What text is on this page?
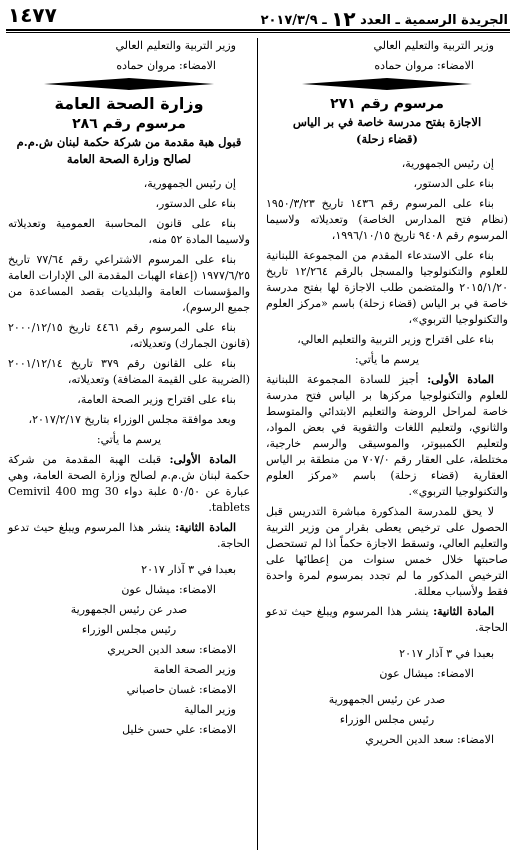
١٤٧٧	الجريدة الرسمية ـ العدد ١٢ ـ ٢٠١٧/٣/٩

وزير التربية والتعليم العالي

الامضاء: مروان حماده

مرسوم رقم ٢٧١

الاجازة بفتح مدرسة خاصة في بر الياس
(قضاء زحلة)

إن رئيس الجمهورية،

بناء على الدستور،

بناء على المرسوم رقم ١٤٣٦ تاريخ ١٩٥٠/٣/٢٣ (نظام فتح المدارس الخاصة) وتعديلاته ولاسيما المرسوم رقم ٩٤٠٨ تاريخ ١٩٩٦/١٠/١٥،

بناء على الاستدعاء المقدم من المجموعة اللبنانية للعلوم والتكنولوجيا والمسجل بالرقم ١٢/٢٦٤ تاريخ ٢٠١٥/١/٢٠ والمتضمن طلب الاجازة لها بفتح مدرسة خاصة في بر الياس (قضاء زحلة) باسم «مركز العلوم والتكنولوجيا التربوي»،

بناء على اقتراح وزير التربية والتعليم العالي،

يرسم ما يأتي:

المادة الأولى: أجيز للسادة المجموعة اللبنانية للعلوم والتكنولوجيا مركزها بر الياس فتح مدرسة خاصة لمراحل الروضة والتعليم الابتدائي والمتوسط والثانوي، ولتعليم اللغات والتقوية في بعض المواد، ولتعليم الكمبيوتر، والموسيقى والرسم خارجية، مختلطة، على العقار رقم ٧٠٧/٠ من منطقة بر الياس العقارية (قضاء زحلة) باسم «مركز العلوم والتكنولوجيا التربوي».

لا يحق للمدرسة المذكورة مباشرة التدريس قبل الحصول على ترخيص يعطى بقرار من وزير التربية والتعليم العالي، وتسقط الاجازة حكماً اذا لم تستحصل صاحبتها خلال خمس سنوات من إعطائها على الترخيص المذكور ما لم تجدد بمرسوم لمرة واحدة فقط ولأسباب معللة.

المادة الثانية: ينشر هذا المرسوم ويبلغ حيث تدعو الحاجة.

بعبدا في ٣ آذار ٢٠١٧

الامضاء: ميشال عون

صدر عن رئيس الجمهورية

رئيس مجلس الوزراء

الامضاء: سعد الدين الحريري

وزير التربية والتعليم العالي

الامضاء: مروان حماده

وزارة الصحة العامة

مرسوم رقم ٢٨٦

قبول هبة مقدمة من شركة حكمة لبنان ش.م.م
لصالح وزارة الصحة العامة

إن رئيس الجمهورية،

بناء على الدستور،

بناء على قانون المحاسبة العمومية وتعديلاته ولاسيما المادة ٥٢ منه،

بناء على المرسوم الاشتراعي رقم ٧٧/٦٤ تاريخ ١٩٧٧/٦/٢٥ (إعفاء الهبات المقدمة الى الإدارات العامة والمؤسسات العامة والبلديات بقصد المساعدة من جميع الرسوم)،

بناء على المرسوم رقم ٤٤٦١ تاريخ ٢٠٠٠/١٢/١٥ (قانون الجمارك) وتعديلاته،

بناء على القانون رقم ٣٧٩ تاريخ ٢٠٠١/١٢/١٤ (الضريبة على القيمة المضافة) وتعديلاته،

بناء على اقتراح وزير الصحة العامة،

وبعد موافقة مجلس الوزراء بتاريخ ٢٠١٧/٢/١٧،

يرسم ما يأتي:

المادة الأولى: قبلت الهبة المقدمة من شركة حكمة لبنان ش.م.م لصالح وزارة الصحة العامة، وهي عبارة عن ٥٠/٥٠ علبة دواء Cemivil 400 mg 30 tablets.

المادة الثانية: ينشر هذا المرسوم ويبلغ حيث تدعو الحاجة.

بعبدا في ٣ آذار ٢٠١٧

الامضاء: ميشال عون

صدر عن رئيس الجمهورية

رئيس مجلس الوزراء

الامضاء: سعد الدين الحريري

وزير الصحة العامة

الامضاء: غسان حاصباني

وزير المالية

الامضاء: علي حسن خليل
